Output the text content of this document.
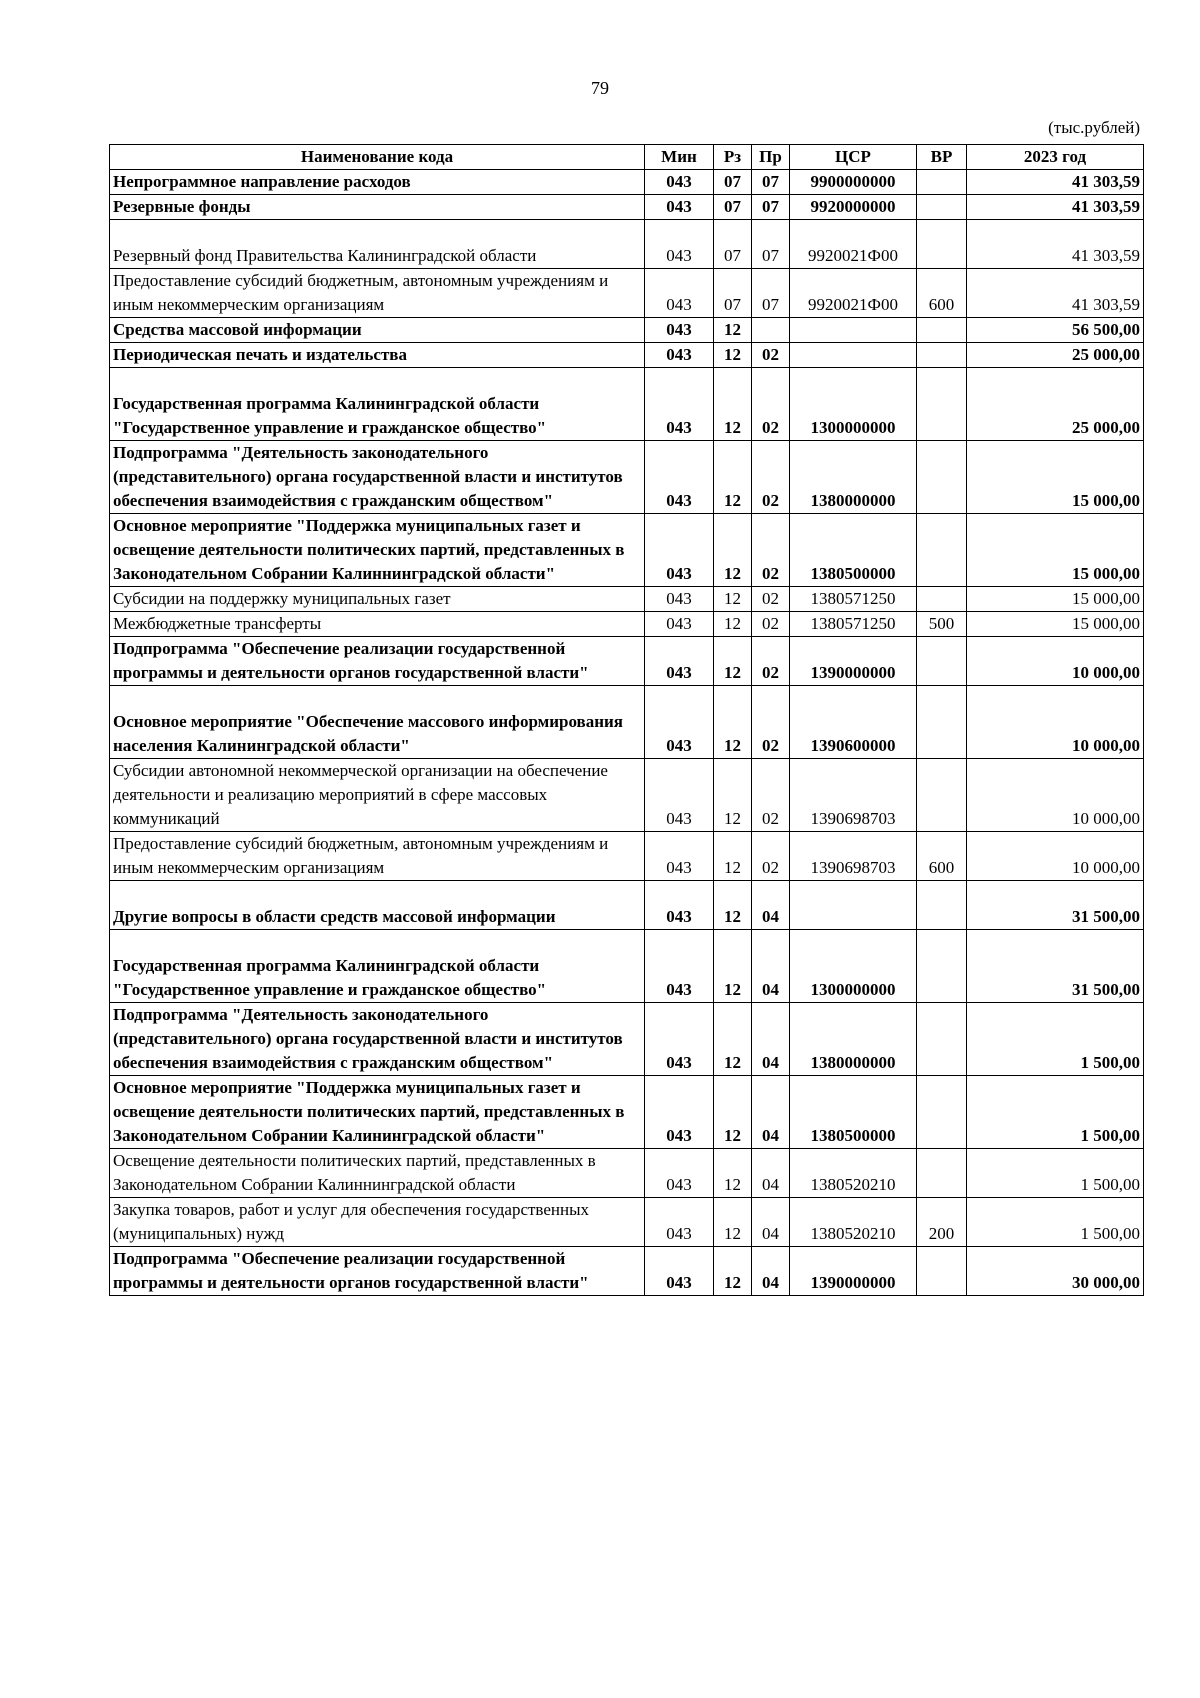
79
(тыс.рублей)
Наименование кода	Мин	Рз	Пр	ЦСР	ВР	2023 год
Непрограммное направление расходов	043	07	07	9900000000		41 303,59
Резервные фонды	043	07	07	9920000000		41 303,59
Резервный фонд Правительства Калининградской области	043	07	07	9920021Ф00		41 303,59
Предоставление субсидий бюджетным, автономным учреждениям и иным некоммерческим организациям	043	07	07	9920021Ф00	600	41 303,59
Средства массовой информации	043	12				56 500,00
Периодическая печать и издательства	043	12	02			25 000,00
Государственная программа Калининградской области "Государственное управление и гражданское общество"	043	12	02	1300000000		25 000,00
Подпрограмма "Деятельность законодательного (представительного) органа государственной власти и институтов обеспечения взаимодействия с гражданским обществом"	043	12	02	1380000000		15 000,00
Основное мероприятие "Поддержка муниципальных газет и освещение деятельности политических партий, представленных в Законодательном Собрании Калиннинградской области"	043	12	02	1380500000		15 000,00
Субсидии на поддержку муниципальных газет	043	12	02	1380571250		15 000,00
Межбюджетные трансферты	043	12	02	1380571250	500	15 000,00
Подпрограмма "Обеспечение реализации государственной программы и деятельности органов государственной власти"	043	12	02	1390000000		10 000,00
Основное мероприятие "Обеспечение массового информирования населения Калининградской области"	043	12	02	1390600000		10 000,00
Субсидии автономной некоммерческой организации на обеспечение деятельности и реализацию мероприятий в сфере массовых коммуникаций	043	12	02	1390698703		10 000,00
Предоставление субсидий бюджетным, автономным учреждениям и иным некоммерческим организациям	043	12	02	1390698703	600	10 000,00
Другие вопросы в области средств массовой информации	043	12	04			31 500,00
Государственная программа Калининградской области "Государственное управление и гражданское общество"	043	12	04	1300000000		31 500,00
Подпрограмма "Деятельность законодательного (представительного) органа государственной власти и институтов обеспечения взаимодействия с гражданским обществом"	043	12	04	1380000000		1 500,00
Основное мероприятие "Поддержка муниципальных газет и освещение деятельности политических партий, представленных в Законодательном Собрании Калининградской области"	043	12	04	1380500000		1 500,00
Освещение деятельности политических партий, представленных в Законодательном Собрании Калиннинградской области	043	12	04	1380520210		1 500,00
Закупка товаров, работ и услуг для обеспечения государственных (муниципальных) нужд	043	12	04	1380520210	200	1 500,00
Подпрограмма "Обеспечение реализации государственной программы и деятельности органов государственной власти"	043	12	04	1390000000		30 000,00
